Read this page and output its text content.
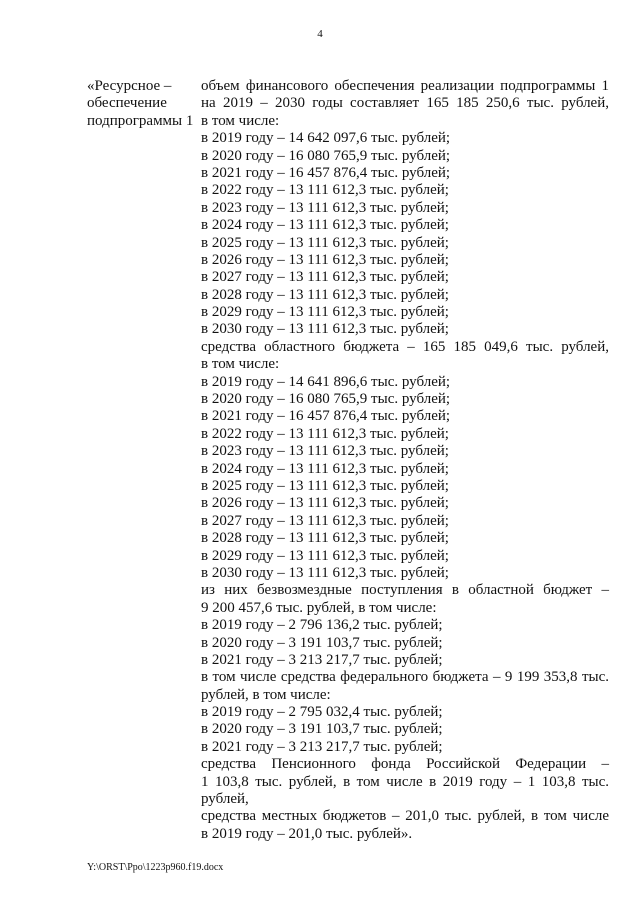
4
«Ресурсное –
обеспечение
подпрограммы 1
объем финансового обеспечения реализации подпрограммы 1
на 2019 – 2030 годы составляет 165 185 250,6 тыс. рублей,
в том числе:
в 2019 году – 14 642 097,6 тыс. рублей;
в 2020 году – 16 080 765,9 тыс. рублей;
в 2021 году – 16 457 876,4 тыс. рублей;
в 2022 году – 13 111 612,3 тыс. рублей;
в 2023 году – 13 111 612,3 тыс. рублей;
в 2024 году – 13 111 612,3 тыс. рублей;
в 2025 году – 13 111 612,3 тыс. рублей;
в 2026 году – 13 111 612,3 тыс. рублей;
в 2027 году – 13 111 612,3 тыс. рублей;
в 2028 году – 13 111 612,3 тыс. рублей;
в 2029 году – 13 111 612,3 тыс. рублей;
в 2030 году – 13 111 612,3 тыс. рублей;
средства областного бюджета – 165 185 049,6 тыс. рублей,
в том числе:
в 2019 году – 14 641 896,6 тыс. рублей;
в 2020 году – 16 080 765,9 тыс. рублей;
в 2021 году – 16 457 876,4 тыс. рублей;
в 2022 году – 13 111 612,3 тыс. рублей;
в 2023 году – 13 111 612,3 тыс. рублей;
в 2024 году – 13 111 612,3 тыс. рублей;
в 2025 году – 13 111 612,3 тыс. рублей;
в 2026 году – 13 111 612,3 тыс. рублей;
в 2027 году – 13 111 612,3 тыс. рублей;
в 2028 году – 13 111 612,3 тыс. рублей;
в 2029 году – 13 111 612,3 тыс. рублей;
в 2030 году – 13 111 612,3 тыс. рублей;
из них безвозмездные поступления в областной бюджет –
9 200 457,6 тыс. рублей, в том числе:
в 2019 году – 2 796 136,2 тыс. рублей;
в 2020 году – 3 191 103,7 тыс. рублей;
в 2021 году – 3 213 217,7 тыс. рублей;
в том числе средства федерального бюджета – 9 199 353,8 тыс.
рублей, в том числе:
в 2019 году – 2 795 032,4 тыс. рублей;
в 2020 году – 3 191 103,7 тыс. рублей;
в 2021 году – 3 213 217,7 тыс. рублей;
средства Пенсионного фонда Российской Федерации –
1 103,8 тыс. рублей, в том числе в 2019 году – 1 103,8 тыс.
рублей,
средства местных бюджетов – 201,0 тыс. рублей, в том числе
в 2019 году – 201,0 тыс. рублей».
Y:\ORST\Ppo\1223p960.f19.docx
